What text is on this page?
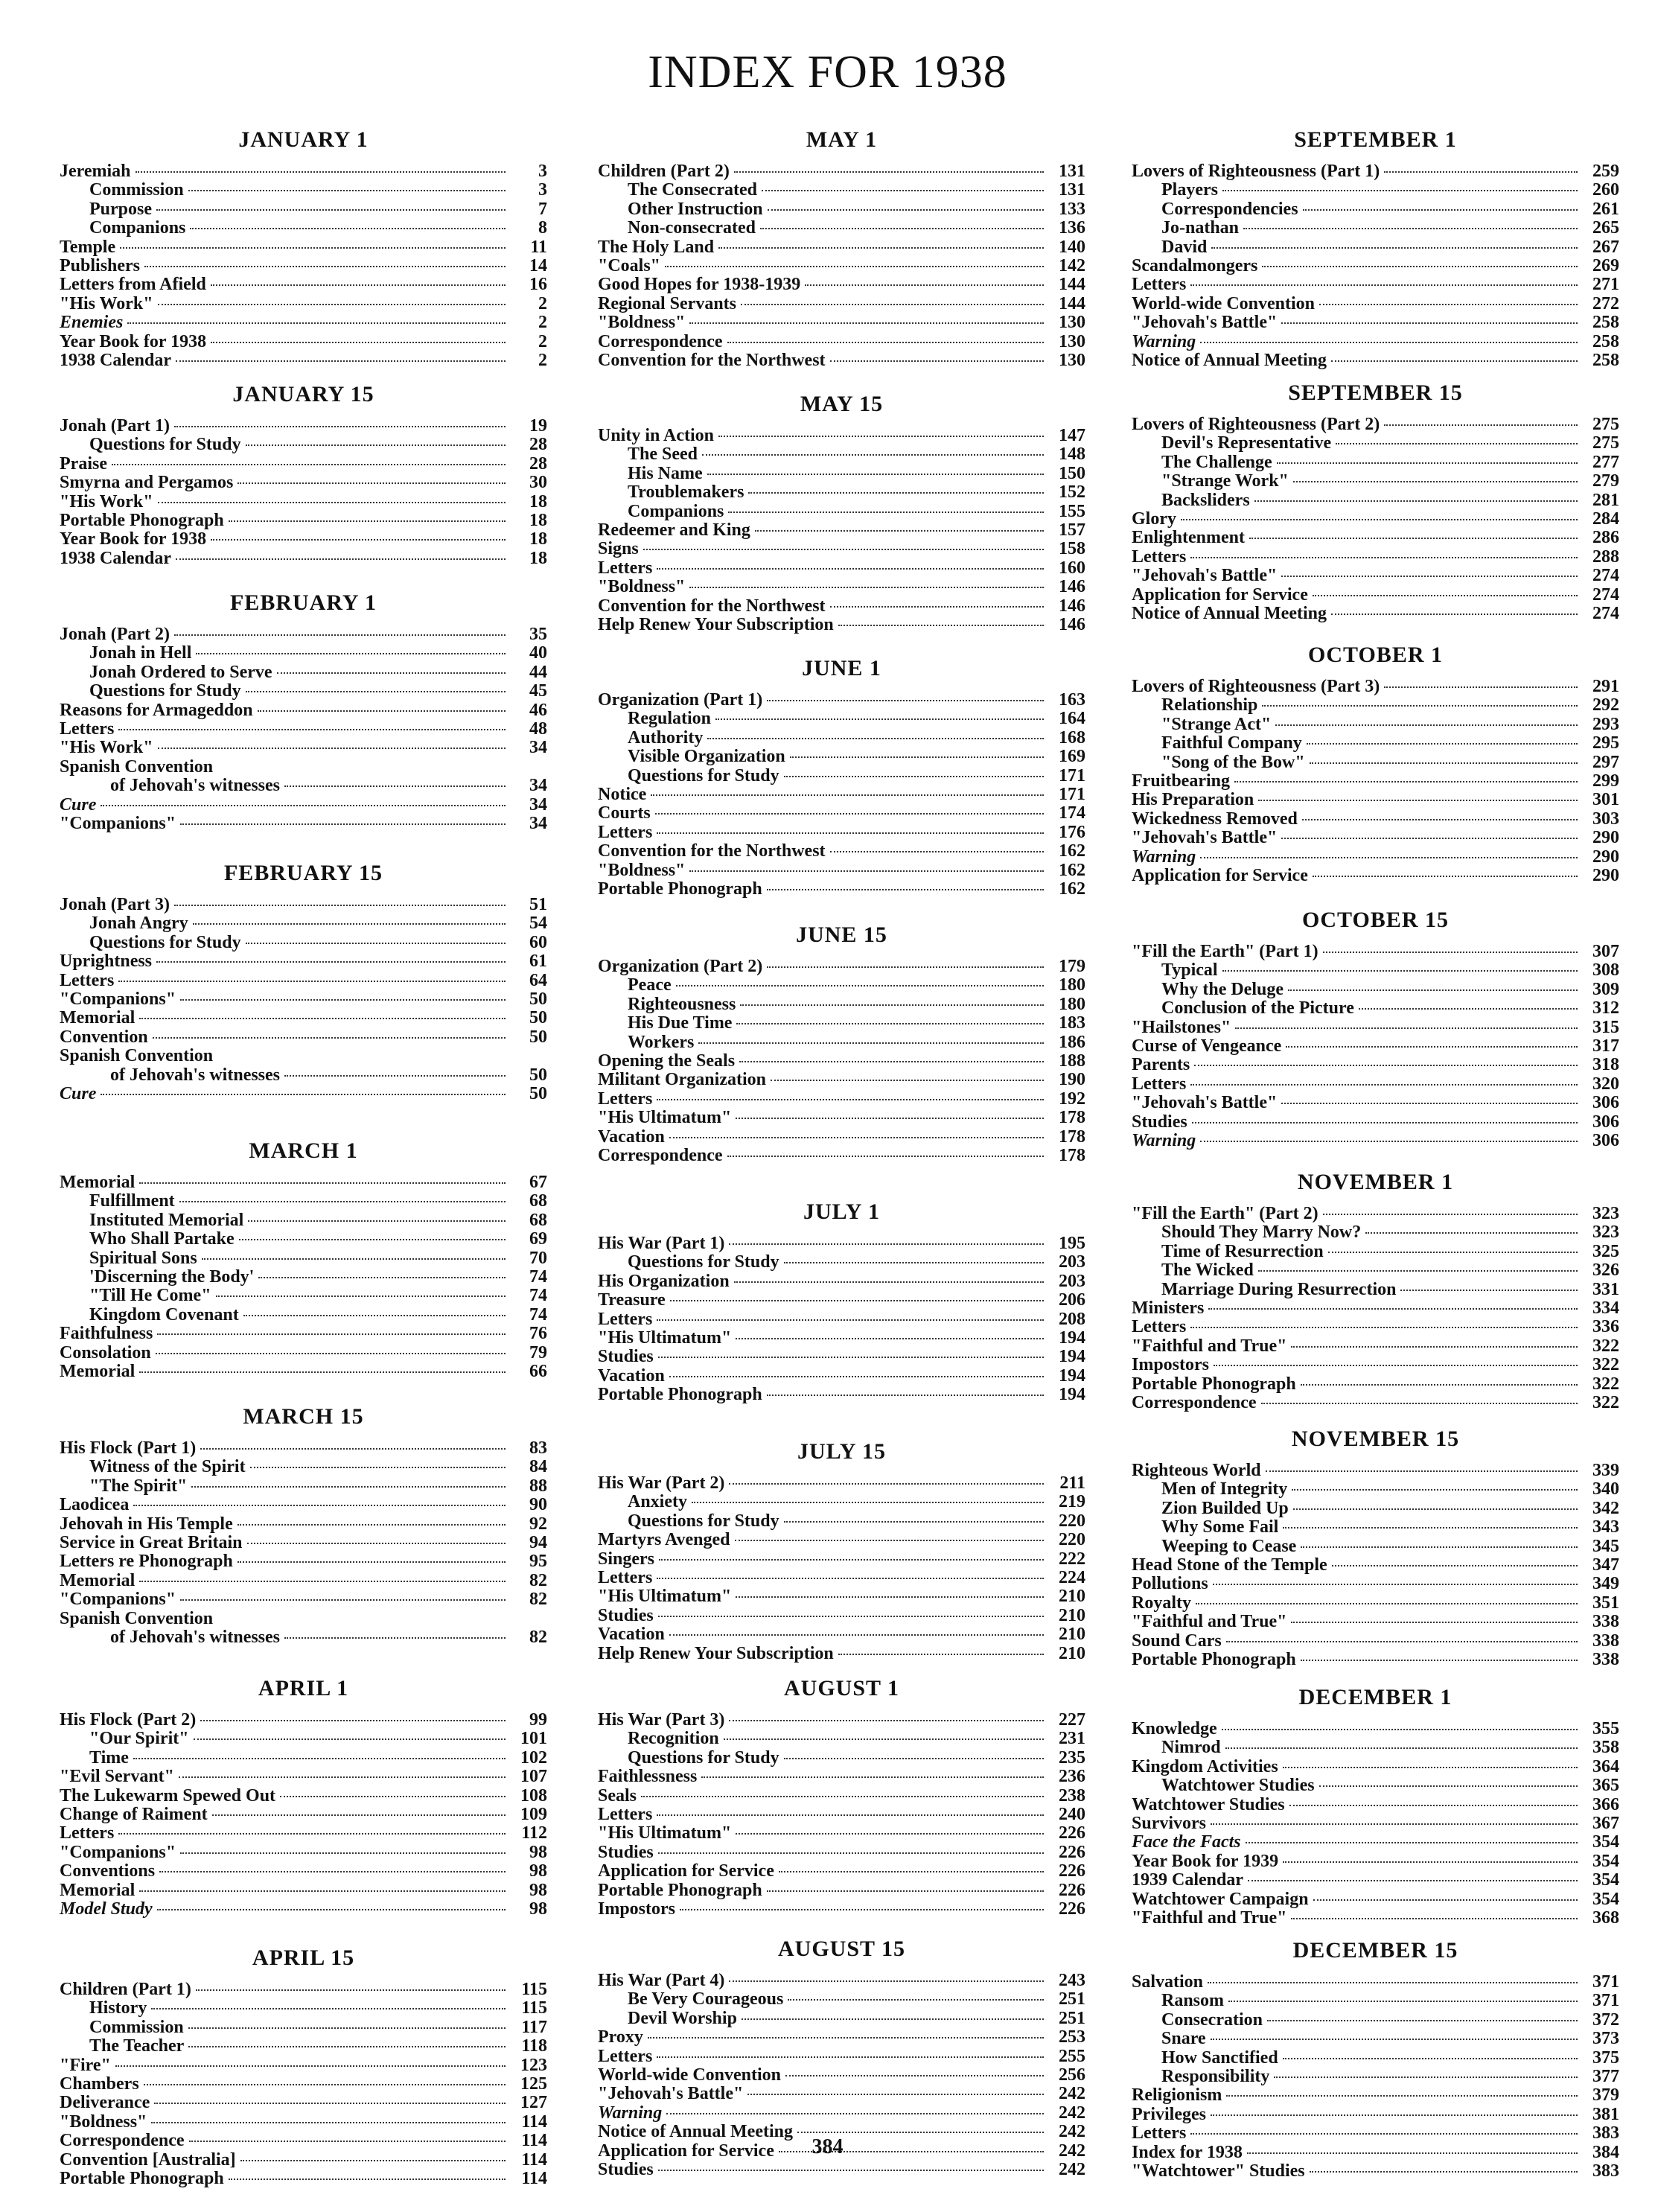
INDEX FOR 1938
JANUARY 1
Jeremiah	3
Commission	3
Purpose	7
Companions	8
Temple	11
Publishers	14
Letters from Afield	16
"His Work"	2
Enemies	2
Year Book for 1938	2
1938 Calendar	2
JANUARY 15
Jonah (Part 1)	19
Questions for Study	28
Praise	28
Smyrna and Pergamos	30
"His Work"	18
Portable Phonograph	18
Year Book for 1938	18
1938 Calendar	18
FEBRUARY 1
Jonah (Part 2)	35
Jonah in Hell	40
Jonah Ordered to Serve	44
Questions for Study	45
Reasons for Armageddon	46
Letters	48
"His Work"	34
Spanish Convention
of Jehovah's witnesses	34
Cure	34
"Companions"	34
FEBRUARY 15
Jonah (Part 3)	51
Jonah Angry	54
Questions for Study	60
Uprightness	61
Letters	64
"Companions"	50
Memorial	50
Convention	50
Spanish Convention
of Jehovah's witnesses	50
Cure	50
MARCH 1
Memorial	67
Fulfillment	68
Instituted Memorial	68
Who Shall Partake	69
Spiritual Sons	70
'Discerning the Body'	74
"Till He Come"	74
Kingdom Covenant	74
Faithfulness	76
Consolation	79
Memorial	66
MARCH 15
His Flock (Part 1)	83
Witness of the Spirit	84
"The Spirit"	88
Laodicea	90
Jehovah in His Temple	92
Service in Great Britain	94
Letters re Phonograph	95
Memorial	82
"Companions"	82
Spanish Convention
of Jehovah's witnesses	82
APRIL 1
His Flock (Part 2)	99
"Our Spirit"	101
Time	102
"Evil Servant"	107
The Lukewarm Spewed Out	108
Change of Raiment	109
Letters	112
"Companions"	98
Conventions	98
Memorial	98
Model Study	98
APRIL 15
Children (Part 1)	115
History	115
Commission	117
The Teacher	118
"Fire"	123
Chambers	125
Deliverance	127
"Boldness"	114
Correspondence	114
Convention [Australia]	114
Portable Phonograph	114
MAY 1
Children (Part 2)	131
The Consecrated	131
Other Instruction	133
Non-consecrated	136
The Holy Land	140
"Coals"	142
Good Hopes for 1938-1939	144
Regional Servants	144
"Boldness"	130
Correspondence	130
Convention for the Northwest	130
MAY 15
Unity in Action	147
The Seed	148
His Name	150
Troublemakers	152
Companions	155
Redeemer and King	157
Signs	158
Letters	160
"Boldness"	146
Convention for the Northwest	146
Help Renew Your Subscription	146
JUNE 1
Organization (Part 1)	163
Regulation	164
Authority	168
Visible Organization	169
Questions for Study	171
Notice	171
Courts	174
Letters	176
Convention for the Northwest	162
"Boldness"	162
Portable Phonograph	162
JUNE 15
Organization (Part 2)	179
Peace	180
Righteousness	180
His Due Time	183
Workers	186
Opening the Seals	188
Militant Organization	190
Letters	192
"His Ultimatum"	178
Vacation	178
Correspondence	178
JULY 1
His War (Part 1)	195
Questions for Study	203
His Organization	203
Treasure	206
Letters	208
"His Ultimatum"	194
Studies	194
Vacation	194
Portable Phonograph	194
JULY 15
His War (Part 2)	211
Anxiety	219
Questions for Study	220
Martyrs Avenged	220
Singers	222
Letters	224
"His Ultimatum"	210
Studies	210
Vacation	210
Help Renew Your Subscription	210
AUGUST 1
His War (Part 3)	227
Recognition	231
Questions for Study	235
Faithlessness	236
Seals	238
Letters	240
"His Ultimatum"	226
Studies	226
Application for Service	226
Portable Phonograph	226
Impostors	226
AUGUST 15
His War (Part 4)	243
Be Very Courageous	251
Devil Worship	251
Proxy	253
Letters	255
World-wide Convention	256
"Jehovah's Battle"	242
Warning	242
Notice of Annual Meeting	242
Application for Service	242
Studies	242
SEPTEMBER 1
Lovers of Righteousness (Part 1)	259
Players	260
Correspondencies	261
Jo-nathan	265
David	267
Scandalmongers	269
Letters	271
World-wide Convention	272
"Jehovah's Battle"	258
Warning	258
Notice of Annual Meeting	258
SEPTEMBER 15
Lovers of Righteousness (Part 2)	275
Devil's Representative	275
The Challenge	277
"Strange Work"	279
Backsliders	281
Glory	284
Enlightenment	286
Letters	288
"Jehovah's Battle"	274
Application for Service	274
Notice of Annual Meeting	274
OCTOBER 1
Lovers of Righteousness (Part 3)	291
Relationship	292
"Strange Act"	293
Faithful Company	295
"Song of the Bow"	297
Fruitbearing	299
His Preparation	301
Wickedness Removed	303
"Jehovah's Battle"	290
Warning	290
Application for Service	290
OCTOBER 15
"Fill the Earth" (Part 1)	307
Typical	308
Why the Deluge	309
Conclusion of the Picture	312
"Hailstones"	315
Curse of Vengeance	317
Parents	318
Letters	320
"Jehovah's Battle"	306
Studies	306
Warning	306
NOVEMBER 1
"Fill the Earth" (Part 2)	323
Should They Marry Now?	323
Time of Resurrection	325
The Wicked	326
Marriage During Resurrection	331
Ministers	334
Letters	336
"Faithful and True"	322
Impostors	322
Portable Phonograph	322
Correspondence	322
NOVEMBER 15
Righteous World	339
Men of Integrity	340
Zion Builded Up	342
Why Some Fail	343
Weeping to Cease	345
Head Stone of the Temple	347
Pollutions	349
Royalty	351
"Faithful and True"	338
Sound Cars	338
Portable Phonograph	338
DECEMBER 1
Knowledge	355
Nimrod	358
Kingdom Activities	364
Watchtower Studies	365
Watchtower Studies	366
Survivors	367
Face the Facts	354
Year Book for 1939	354
1939 Calendar	354
Watchtower Campaign	354
"Faithful and True"	368
DECEMBER 15
Salvation	371
Ransom	371
Consecration	372
Snare	373
How Sanctified	375
Responsibility	377
Religionism	379
Privileges	381
Letters	383
Index for 1938	384
"Watchtower" Studies	383
384
